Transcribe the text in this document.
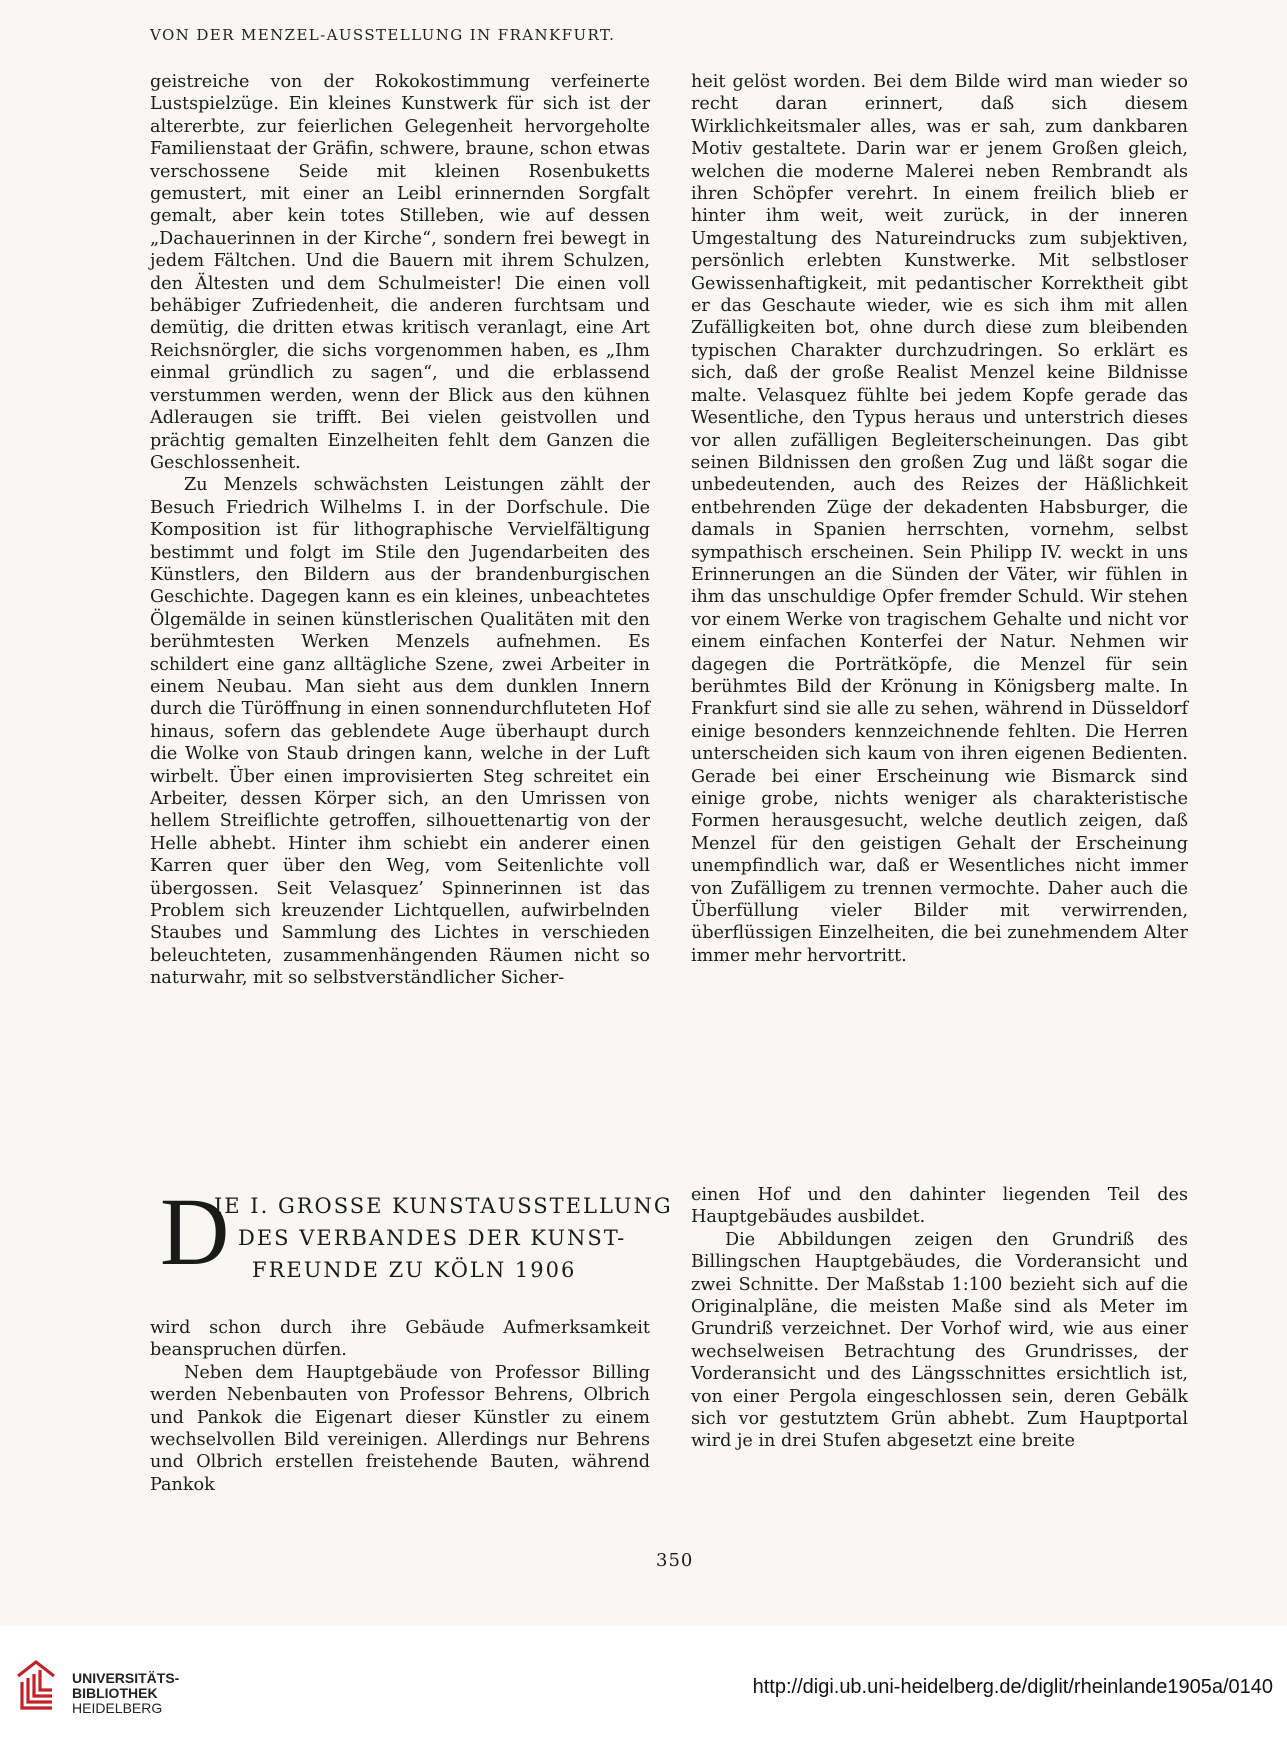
VON DER MENZEL-AUSSTELLUNG IN FRANKFURT.

geistreiche von der Rokokostimmung verfeinerte Lustspielzüge. Ein kleines Kunstwerk für sich ist der altererbte, zur feierlichen Gelegenheit hervorgeholte Familienstaat der Gräfin, schwere, braune, schon etwas verschossene Seide mit kleinen Rosenbuketts gemustert, mit einer an Leibl erinnernden Sorgfalt gemalt, aber kein totes Stilleben, wie auf dessen „Dachauerinnen in der Kirche“, sondern frei bewegt in jedem Fältchen. Und die Bauern mit ihrem Schulzen, den Ältesten und dem Schulmeister! Die einen voll behäbiger Zufriedenheit, die anderen furchtsam und demütig, die dritten etwas kritisch veranlagt, eine Art Reichsnörgler, die sichs vorgenommen haben, es „Ihm einmal gründlich zu sagen“, und die erblassend verstummen werden, wenn der Blick aus den kühnen Adleraugen sie trifft. Bei vielen geistvollen und prächtig gemalten Einzelheiten fehlt dem Ganzen die Geschlossenheit.

Zu Menzels schwächsten Leistungen zählt der Besuch Friedrich Wilhelms I. in der Dorfschule. Die Komposition ist für lithographische Vervielfältigung bestimmt und folgt im Stile den Jugendarbeiten des Künstlers, den Bildern aus der brandenburgischen Geschichte. Dagegen kann es ein kleines, unbeachtetes Ölgemälde in seinen künstlerischen Qualitäten mit den berühmtesten Werken Menzels aufnehmen. Es schildert eine ganz alltägliche Szene, zwei Arbeiter in einem Neubau. Man sieht aus dem dunklen Innern durch die Türöffnung in einen sonnendurchfluteten Hof hinaus, sofern das geblendete Auge überhaupt durch die Wolke von Staub dringen kann, welche in der Luft wirbelt. Über einen improvisierten Steg schreitet ein Arbeiter, dessen Körper sich, an den Umrissen von hellem Streiflichte getroffen, silhouettenartig von der Helle abhebt. Hinter ihm schiebt ein anderer einen Karren quer über den Weg, vom Seitenlichte voll übergossen. Seit Velasquez’ Spinnerinnen ist das Problem sich kreuzender Lichtquellen, aufwirbelnden Staubes und Sammlung des Lichtes in verschieden beleuchteten, zusammenhängenden Räumen nicht so naturwahr, mit so selbstverständlicher Sicher-

heit gelöst worden. Bei dem Bilde wird man wieder so recht daran erinnert, daß sich diesem Wirklichkeitsmaler alles, was er sah, zum dankbaren Motiv gestaltete. Darin war er jenem Großen gleich, welchen die moderne Malerei neben Rembrandt als ihren Schöpfer verehrt. In einem freilich blieb er hinter ihm weit, weit zurück, in der inneren Umgestaltung des Natureindrucks zum subjektiven, persönlich erlebten Kunstwerke. Mit selbstloser Gewissenhaftigkeit, mit pedantischer Korrektheit gibt er das Geschaute wieder, wie es sich ihm mit allen Zufälligkeiten bot, ohne durch diese zum bleibenden typischen Charakter durchzudringen. So erklärt es sich, daß der große Realist Menzel keine Bildnisse malte. Velasquez fühlte bei jedem Kopfe gerade das Wesentliche, den Typus heraus und unterstrich dieses vor allen zufälligen Begleiterscheinungen. Das gibt seinen Bildnissen den großen Zug und läßt sogar die unbedeutenden, auch des Reizes der Häßlichkeit entbehrenden Züge der dekadenten Habsburger, die damals in Spanien herrschten, vornehm, selbst sympathisch erscheinen. Sein Philipp IV. weckt in uns Erinnerungen an die Sünden der Väter, wir fühlen in ihm das unschuldige Opfer fremder Schuld. Wir stehen vor einem Werke von tragischem Gehalte und nicht vor einem einfachen Konterfei der Natur. Nehmen wir dagegen die Porträtköpfe, die Menzel für sein berühmtes Bild der Krönung in Königsberg malte. In Frankfurt sind sie alle zu sehen, während in Düsseldorf einige besonders kennzeichnende fehlten. Die Herren unterscheiden sich kaum von ihren eigenen Bedienten. Gerade bei einer Erscheinung wie Bismarck sind einige grobe, nichts weniger als charakteristische Formen herausgesucht, welche deutlich zeigen, daß Menzel für den geistigen Gehalt der Erscheinung unempfindlich war, daß er Wesentliches nicht immer von Zufälligem zu trennen vermochte. Daher auch die Überfüllung vieler Bilder mit verwirrenden, überflüssigen Einzelheiten, die bei zunehmendem Alter immer mehr hervortritt.

D
IE I. GROSSE KUNSTAUSSTELLUNG
DES VERBANDES DER KUNST-
FREUNDE ZU KÖLN 1906

wird schon durch ihre Gebäude Aufmerksamkeit beanspruchen dürfen.

Neben dem Hauptgebäude von Professor Billing werden Nebenbauten von Professor Behrens, Olbrich und Pankok die Eigenart dieser Künstler zu einem wechselvollen Bild vereinigen. Allerdings nur Behrens und Olbrich erstellen freistehende Bauten, während Pankok

einen Hof und den dahinter liegenden Teil des Hauptgebäudes ausbildet.

Die Abbildungen zeigen den Grundriß des Billingschen Hauptgebäudes, die Vorderansicht und zwei Schnitte. Der Maßstab 1:100 bezieht sich auf die Originalpläne, die meisten Maße sind als Meter im Grundriß verzeichnet. Der Vorhof wird, wie aus einer wechselweisen Betrachtung des Grundrisses, der Vorderansicht und des Längsschnittes ersichtlich ist, von einer Pergola eingeschlossen sein, deren Gebälk sich vor gestutztem Grün abhebt. Zum Hauptportal wird je in drei Stufen abgesetzt eine breite

350
UNIVERSITÄTS-
BIBLIOTHEK
HEIDELBERG
http://digi.ub.uni-heidelberg.de/diglit/rheinlande1905a/0140
